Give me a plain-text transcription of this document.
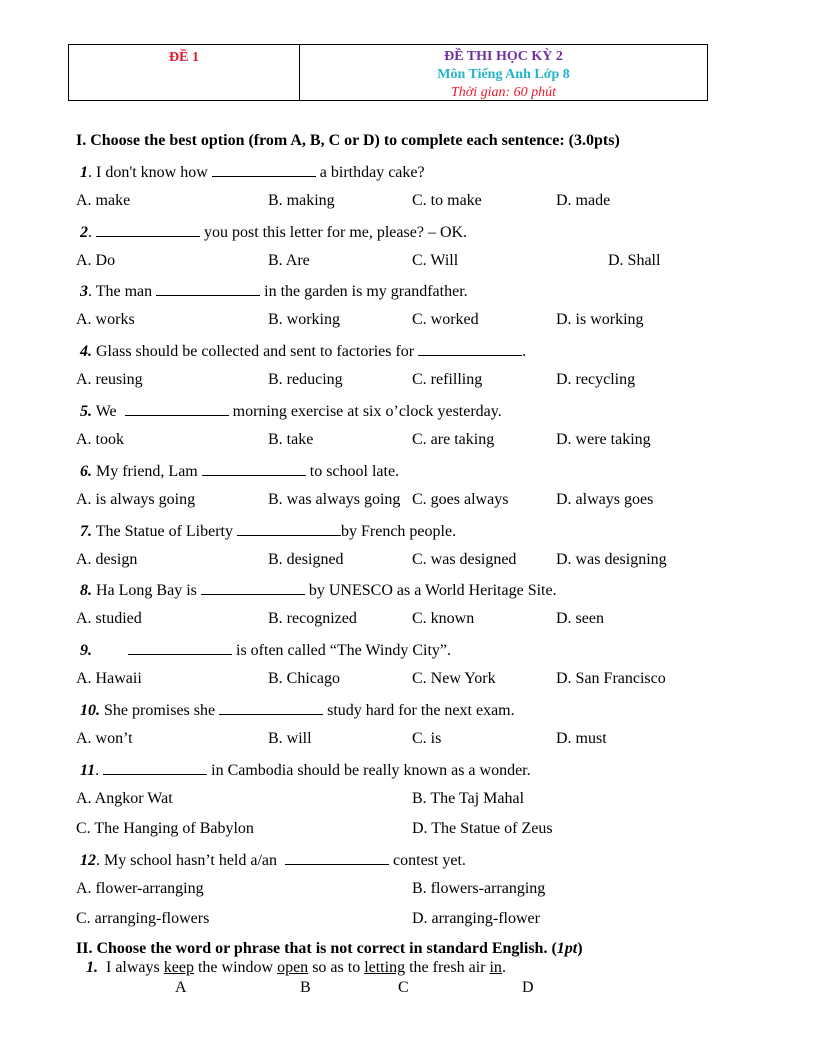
ĐỀ 1	ĐỀ THI HỌC KỲ 2
Môn Tiếng Anh Lớp 8
Thời gian: 60 phút
I. Choose the best option (from A, B, C or D) to complete each sentence: (3.0pts)
1. I don't know how	a birthday cake?
A. make	B. making	C. to make	D. made
2.	you post this letter for me, please? – OK.
A. Do	B. Are	C. Will	D. Shall
3. The man	in the garden is my grandfather.
A. works	B. working	C. worked	D. is working
4. Glass should be collected and sent to factories for	.
A. reusing	B. reducing	C. refilling	D. recycling
5. We	morning exercise at six o’clock yesterday.
A. took	B. take	C. are taking	D. were taking
6. My friend, Lam	to school late.
A. is always going	B. was always going C. goes always	D. always goes
7. The Statue of Liberty	by French people.
A. design	B. designed	C. was designed D. was designing
8. Ha Long Bay is	by UNESCO as a World Heritage Site.
A. studied	B. recognized	C. known	D. seen
9.	is often called “The Windy City”.
A. Hawaii	B. Chicago	C. New York	D. San Francisco
10. She promises she	study hard for the next exam.
A. won’t	B. will	C. is	D. must
11.	in Cambodia should be really known as a wonder.
A. Angkor Wat	B. The Taj Mahal
C. The Hanging of Babylon	D. The Statue of Zeus
12. My school hasn’t held a/an	contest yet.
A. flower-arranging	B. flowers-arranging
C. arranging-flowers	D. arranging-flower
II. Choose the word or phrase that is not correct in standard English. (1pt)
1.  I always keep the window open so as to letting the fresh air in.
A	B	C	D
